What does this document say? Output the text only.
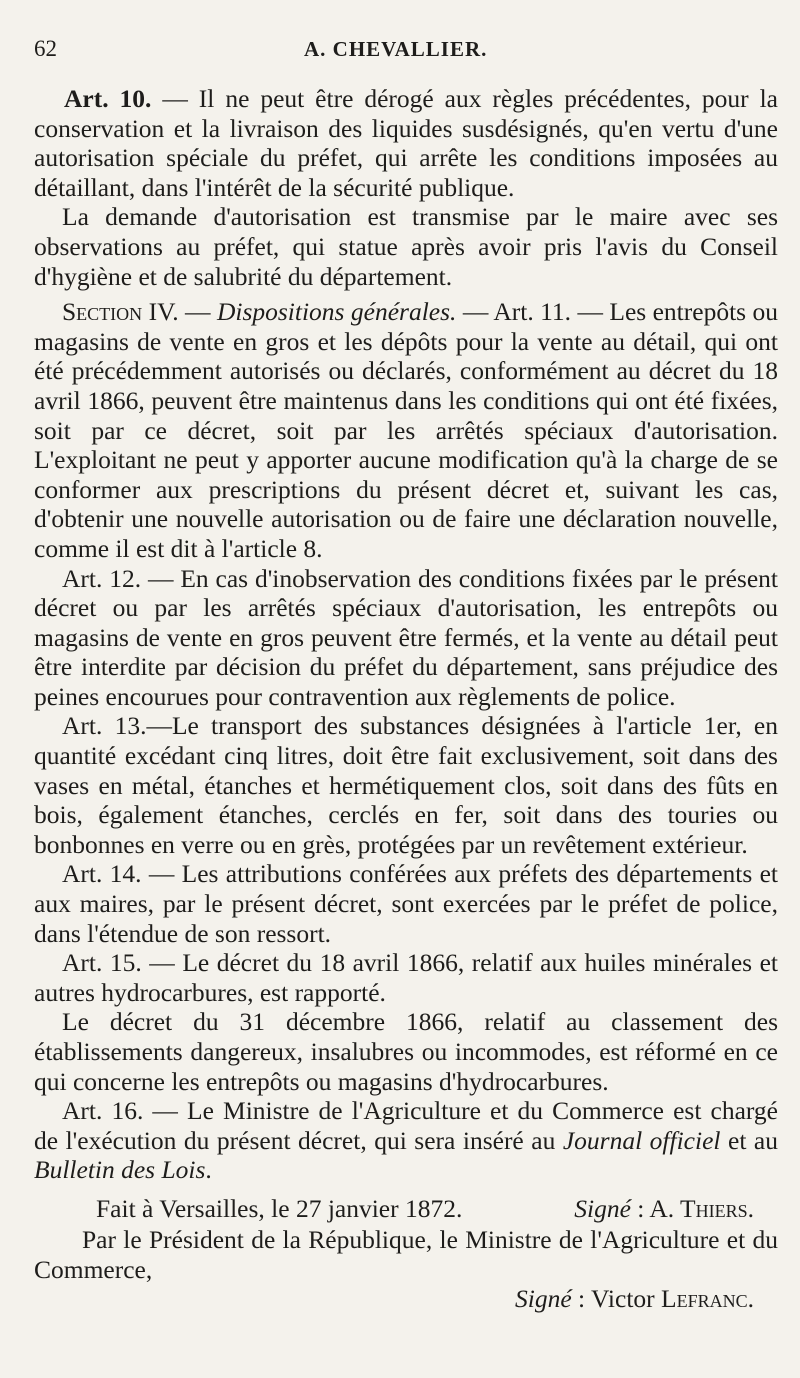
62	A. CHEVALLIER.

Art. 10. — Il ne peut être dérogé aux règles précédentes, pour la conservation et la livraison des liquides susdésignés, qu'en vertu d'une autorisation spéciale du préfet, qui arrête les conditions imposées au détaillant, dans l'intérêt de la sécurité publique.

La demande d'autorisation est transmise par le maire avec ses observations au préfet, qui statue après avoir pris l'avis du Conseil d'hygiène et de salubrité du département.

Section IV. — Dispositions générales. — Art. 11. — Les entrepôts ou magasins de vente en gros et les dépôts pour la vente au détail, qui ont été précédemment autorisés ou déclarés, conformément au décret du 18 avril 1866, peuvent être maintenus dans les conditions qui ont été fixées, soit par ce décret, soit par les arrêtés spéciaux d'autorisation. L'exploitant ne peut y apporter aucune modification qu'à la charge de se conformer aux prescriptions du présent décret et, suivant les cas, d'obtenir une nouvelle autorisation ou de faire une déclaration nouvelle, comme il est dit à l'article 8.

Art. 12. — En cas d'inobservation des conditions fixées par le présent décret ou par les arrêtés spéciaux d'autorisation, les entrepôts ou magasins de vente en gros peuvent être fermés, et la vente au détail peut être interdite par décision du préfet du département, sans préjudice des peines encourues pour contravention aux règlements de police.

Art. 13.—Le transport des substances désignées à l'article 1er, en quantité excédant cinq litres, doit être fait exclusivement, soit dans des vases en métal, étanches et hermétiquement clos, soit dans des fûts en bois, également étanches, cerclés en fer, soit dans des touries ou bonbonnes en verre ou en grès, protégées par un revêtement extérieur.

Art. 14. — Les attributions conférées aux préfets des départements et aux maires, par le présent décret, sont exercées par le préfet de police, dans l'étendue de son ressort.

Art. 15. — Le décret du 18 avril 1866, relatif aux huiles minérales et autres hydrocarbures, est rapporté.

Le décret du 31 décembre 1866, relatif au classement des établissements dangereux, insalubres ou incommodes, est réformé en ce qui concerne les entrepôts ou magasins d'hydrocarbures.

Art. 16. — Le Ministre de l'Agriculture et du Commerce est chargé de l'exécution du présent décret, qui sera inséré au Journal officiel et au Bulletin des Lois.

Fait à Versailles, le 27 janvier 1872.	Signé : A. Thiers.

Par le Président de la République, le Ministre de l'Agriculture et du Commerce,

Signé : Victor Lefranc.
